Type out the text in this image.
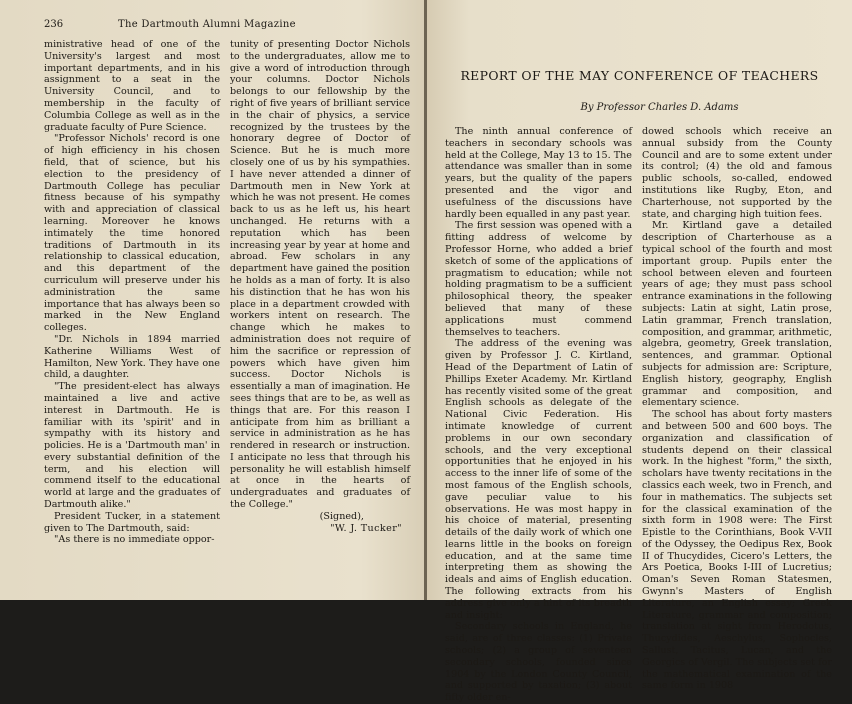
236	The Dartmouth Alumni Magazine

ministrative head of one of the University's largest and most important departments, and in his assignment to a seat in the University Council, and to membership in the faculty of Columbia College as well as in the graduate faculty of Pure Science.

"Professor Nichols' record is one of high efficiency in his chosen field, that of science, but his election to the presidency of Dartmouth College has peculiar fitness because of his sympathy with and appreciation of classical learning. Moreover he knows intimately the time honored traditions of Dartmouth in its relationship to classical education, and this department of the curriculum will preserve under his administration the same importance that has always been so marked in the New England colleges.

"Dr. Nichols in 1894 married Katherine Williams West of Hamilton, New York. They have one child, a daughter.

"The president-elect has always maintained a live and active interest in Dartmouth. He is familiar with its 'spirit' and in sympathy with its history and policies. He is a 'Dartmouth man' in every substantial definition of the term, and his election will commend itself to the educational world at large and the graduates of Dartmouth alike."

President Tucker, in a statement given to The Dartmouth, said:

"As there is no immediate oppor-

tunity of presenting Doctor Nichols to the undergraduates, allow me to give a word of introduction through your columns. Doctor Nichols belongs to our fellowship by the right of five years of brilliant service in the chair of physics, a service recognized by the trustees by the honorary degree of Doctor of Science. But he is much more closely one of us by his sympathies. I have never attended a dinner of Dartmouth men in New York at which he was not present. He comes back to us as he left us, his heart unchanged. He returns with a reputation which has been increasing year by year at home and abroad. Few scholars in any department have gained the position he holds as a man of forty. It is also his distinction that he has won his place in a department crowded with workers intent on research. The change which he makes to administration does not require of him the sacrifice or repression of powers which have given him success. Doctor Nichols is essentially a man of imagination. He sees things that are to be, as well as things that are. For this reason I anticipate from him as brilliant a service in administration as he has rendered in research or instruction. I anticipate no less that through his personality he will establish himself at once in the hearts of undergraduates and graduates of the College."

(Signed),

"W. J. Tucker"

REPORT OF THE MAY CONFERENCE OF TEACHERS
By Professor Charles D. Adams

The ninth annual conference of teachers in secondary schools was held at the College, May 13 to 15. The attendance was smaller than in some years, but the quality of the papers presented and the vigor and usefulness of the discussions have hardly been equalled in any past year.

The first session was opened with a fitting address of welcome by Professor Horne, who added a brief sketch of some of the applications of pragmatism to education; while not holding pragmatism to be a sufficient philosophical theory, the speaker believed that many of these applications must commend themselves to teachers.

The address of the evening was given by Professor J. C. Kirtland, Head of the Department of Latin of Phillips Exeter Academy. Mr. Kirtland has recently visited some of the great English schools as delegate of the National Civic Federation. His intimate knowledge of current problems in our own secondary schools, and the very exceptional opportunities that he enjoyed in his access to the inner life of some of the most famous of the English schools, gave peculiar value to his observations. He was most happy in his choice of material, presenting details of the daily work of which one learns little in the books on foreign education, and at the same time interpreting them as showing the ideals and aims of English education. The following extracts from his address give only a hint of its breadth and insight:

Secondary schools in England, he said, are of three classes: (1) Private schools; (2) a group of seventeen secondary schools, founded since 1904 by the London County Council, and supported by taxation; (3) about fifty older en-

dowed schools which receive an annual subsidy from the County Council and are to some extent under its control; (4) the old and famous public schools, so-called, endowed institutions like Rugby, Eton, and Charterhouse, not supported by the state, and charging high tuition fees.

Mr. Kirtland gave a detailed description of Charterhouse as a typical school of the fourth and most important group. Pupils enter the school between eleven and fourteen years of age; they must pass school entrance examinations in the following subjects: Latin at sight, Latin prose, Latin grammar, French translation, composition, and grammar, arithmetic, algebra, geometry, Greek translation, sentences, and grammar. Optional subjects for admission are: Scripture, English history, geography, English grammar and composition, and elementary science.

The school has about forty masters and between 500 and 600 boys. The organization and classification of students depend on their classical work. In the highest "form," the sixth, scholars have twenty recitations in the classics each week, two in French, and four in mathematics. The subjects set for the classical examination of the sixth form in 1908 were: The First Epistle to the Corinthians, Book V-VII of the Odyssey, the Oedipus Rex, Book II of Thucydides, Cicero's Letters, the Ars Poetica, Books I-III of Lucretius; Oman's Seven Roman Statesmen, Gwynn's Masters of English Literature, an English essay; Greek Literature, grammar and composition; translation at sight from Herodotus, Thucydides, Aeschylus, Sophocles, Sallust, Tacitus, Lucan, and the Georgics of Vergil. The subjects set for the mathematical examination of the same form in 1908
